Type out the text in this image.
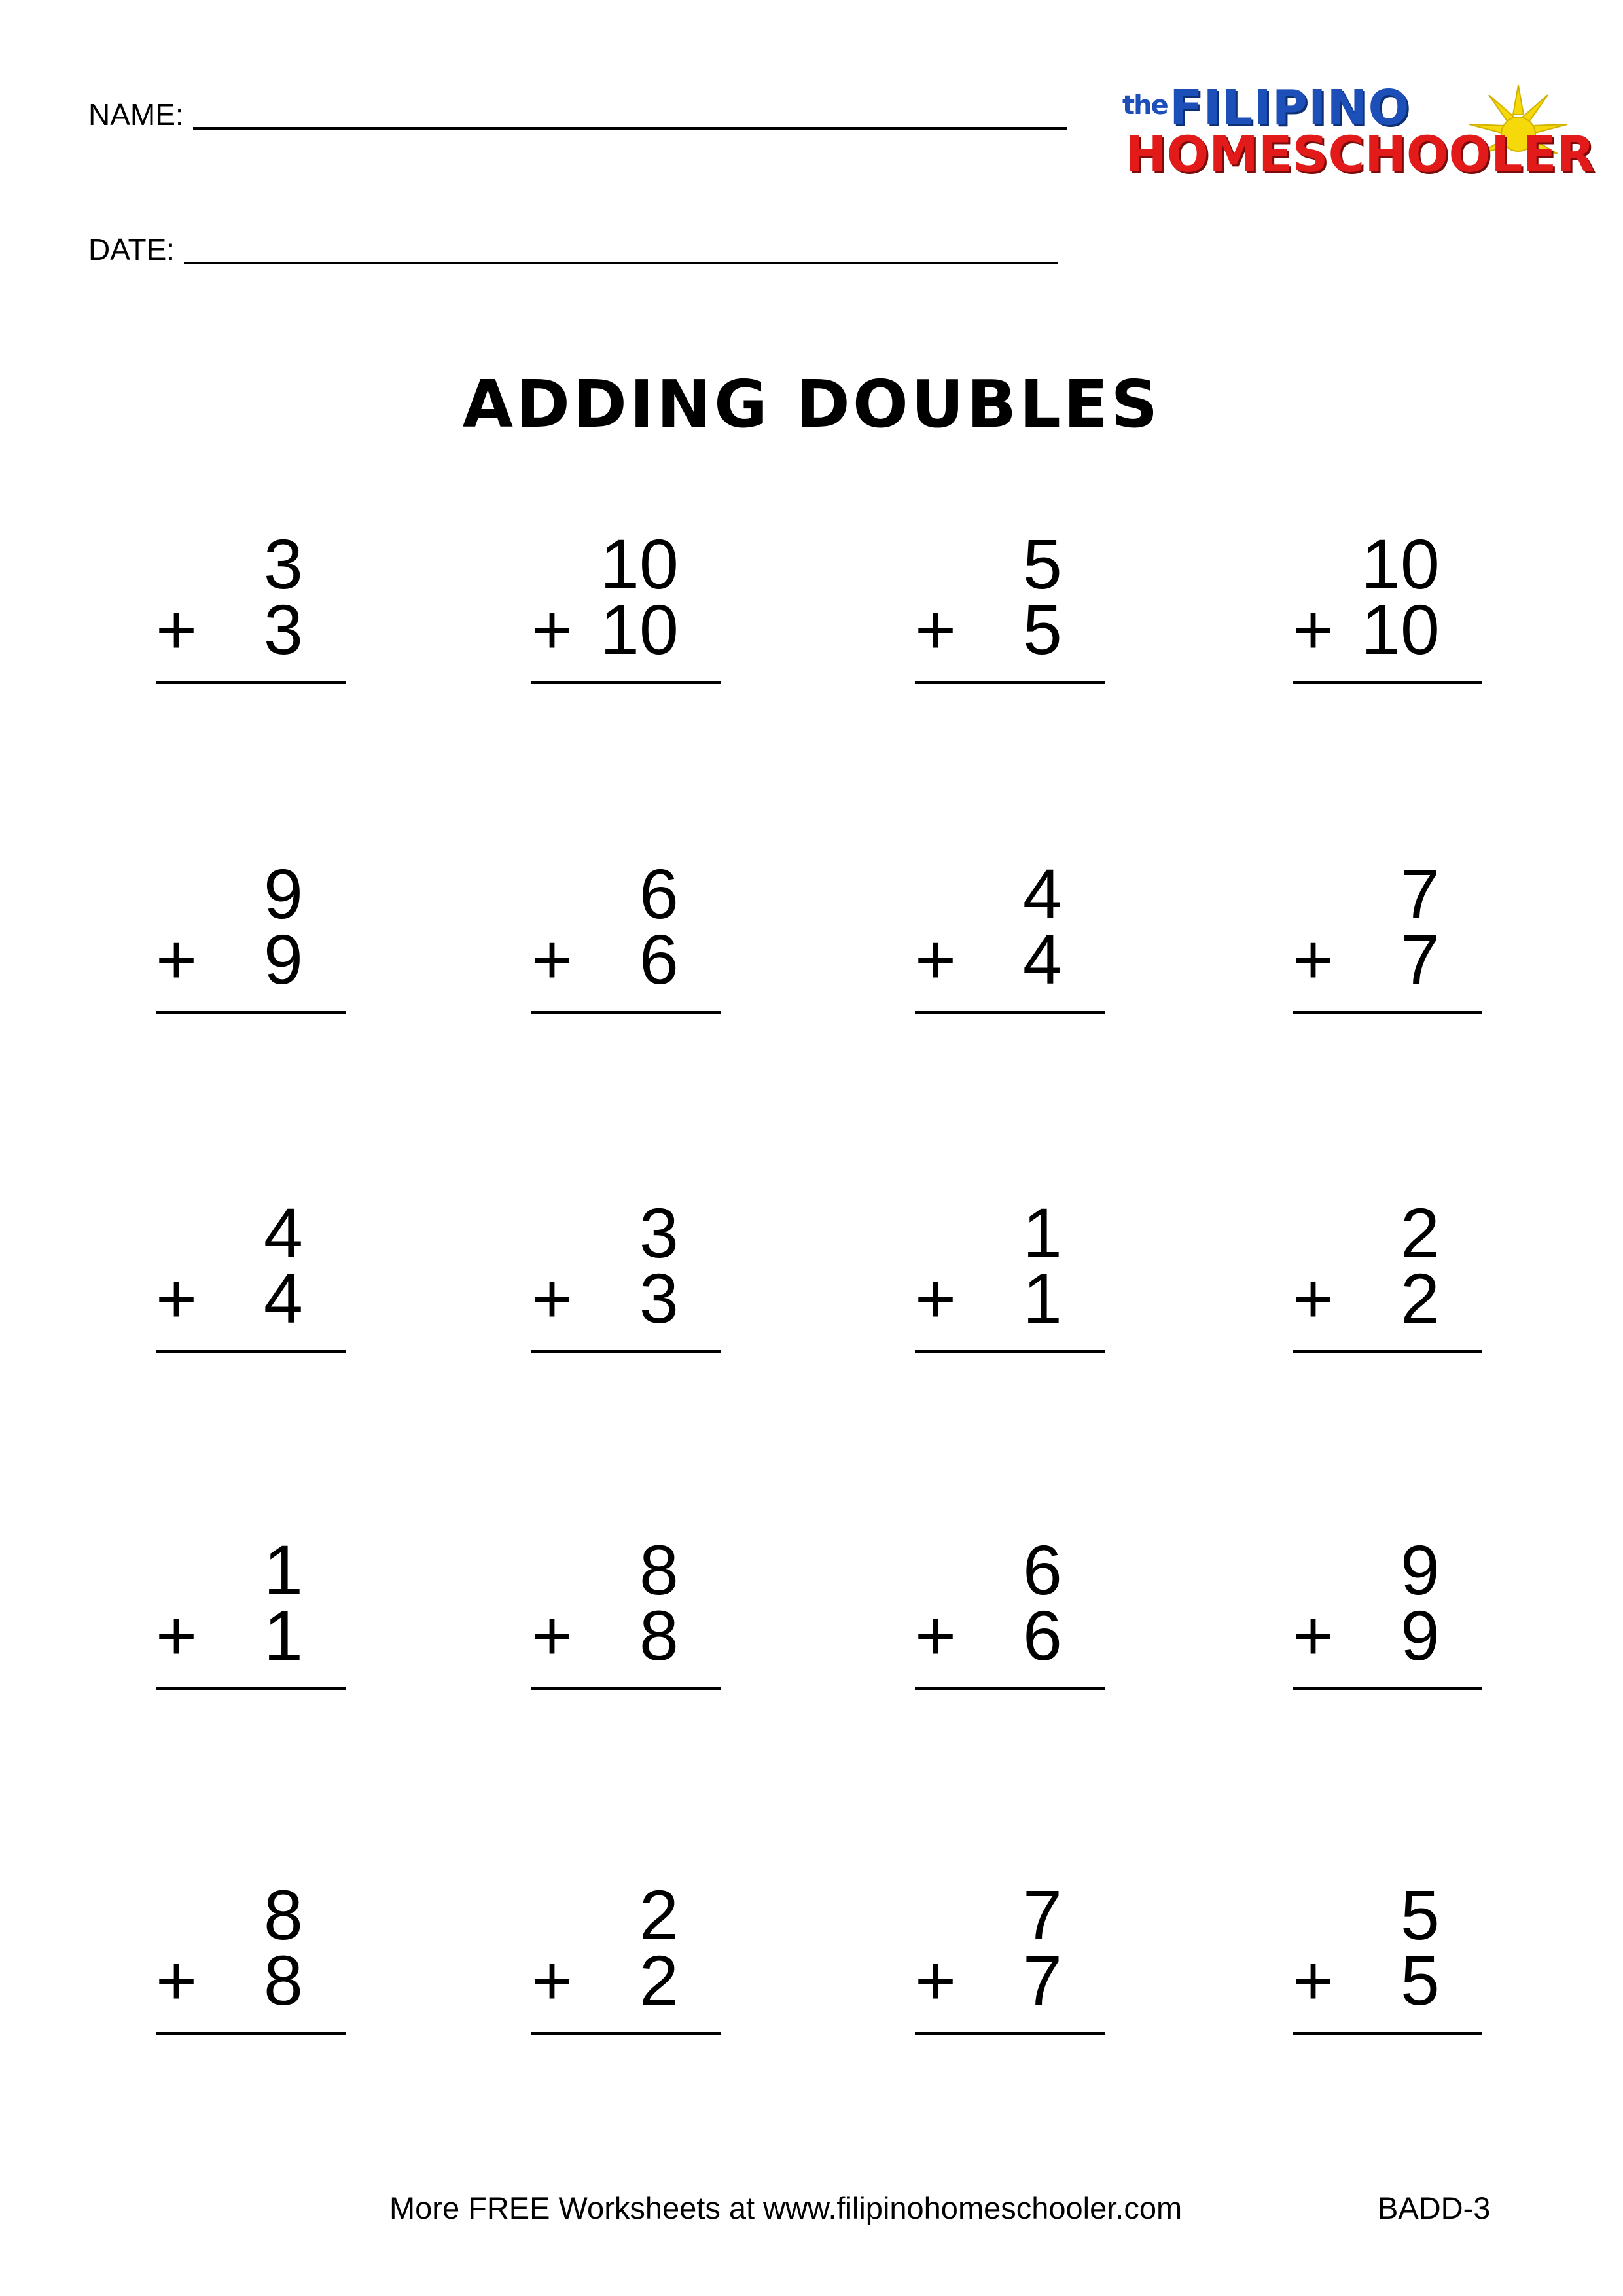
NAME:
DATE:
the FILIPINO
HOMESCHOOLER
ADDING DOUBLES
3
+ 3
10
+ 10
5
+ 5
10
+ 10
9
+ 9
6
+ 6
4
+ 4
7
+ 7
4
+ 4
3
+ 3
1
+ 1
2
+ 2
1
+ 1
8
+ 8
6
+ 6
9
+ 9
8
+ 8
2
+ 2
7
+ 7
5
+ 5
More FREE Worksheets at www.filipinohomeschooler.com	BADD-3
